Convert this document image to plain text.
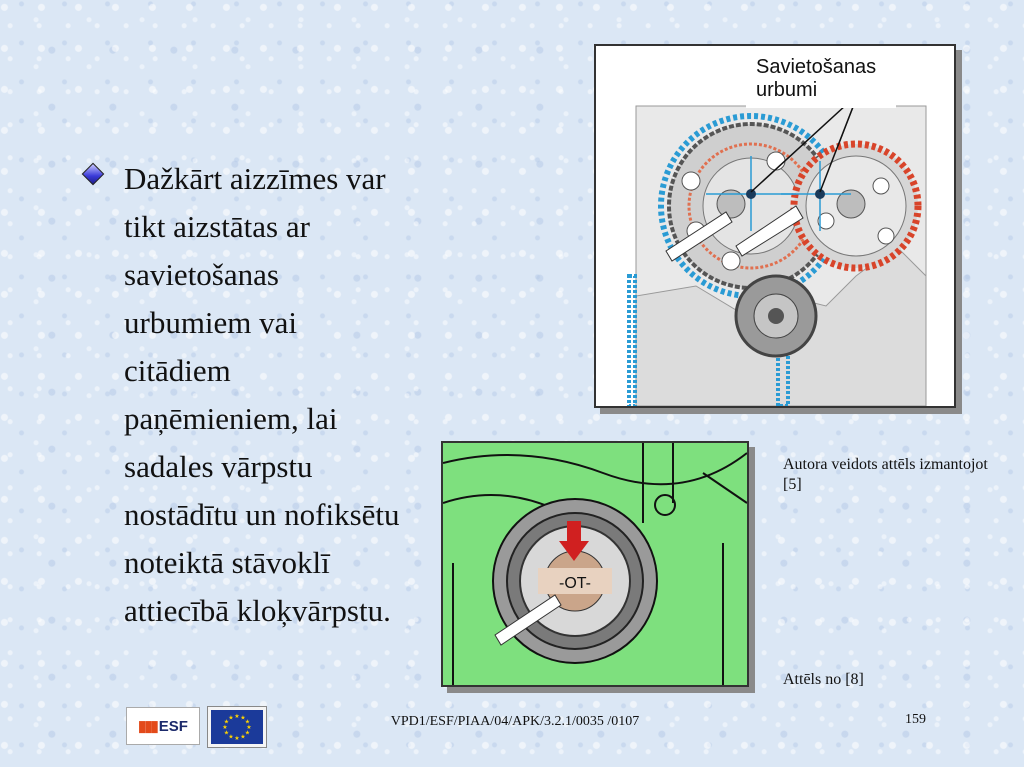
Dažkārt aizzīmes var tikt aizstātas ar savietošanas urbumiem vai citādiem paņēmieniem, lai sadales vārpstu nostādītu un nofiksētu noteiktā stāvoklī attiecībā kloķvārpstu.
Savietošanas
urbumi
-OT-
Autora veidots attēls izmantojot [5]
Attēls no [8]
▮▮▮ ESF
★ ★
★
★
★
★
★
★
★
★
★
★	VPD1/ESF/PIAA/04/APK/3.2.1/0035 /0107	159
